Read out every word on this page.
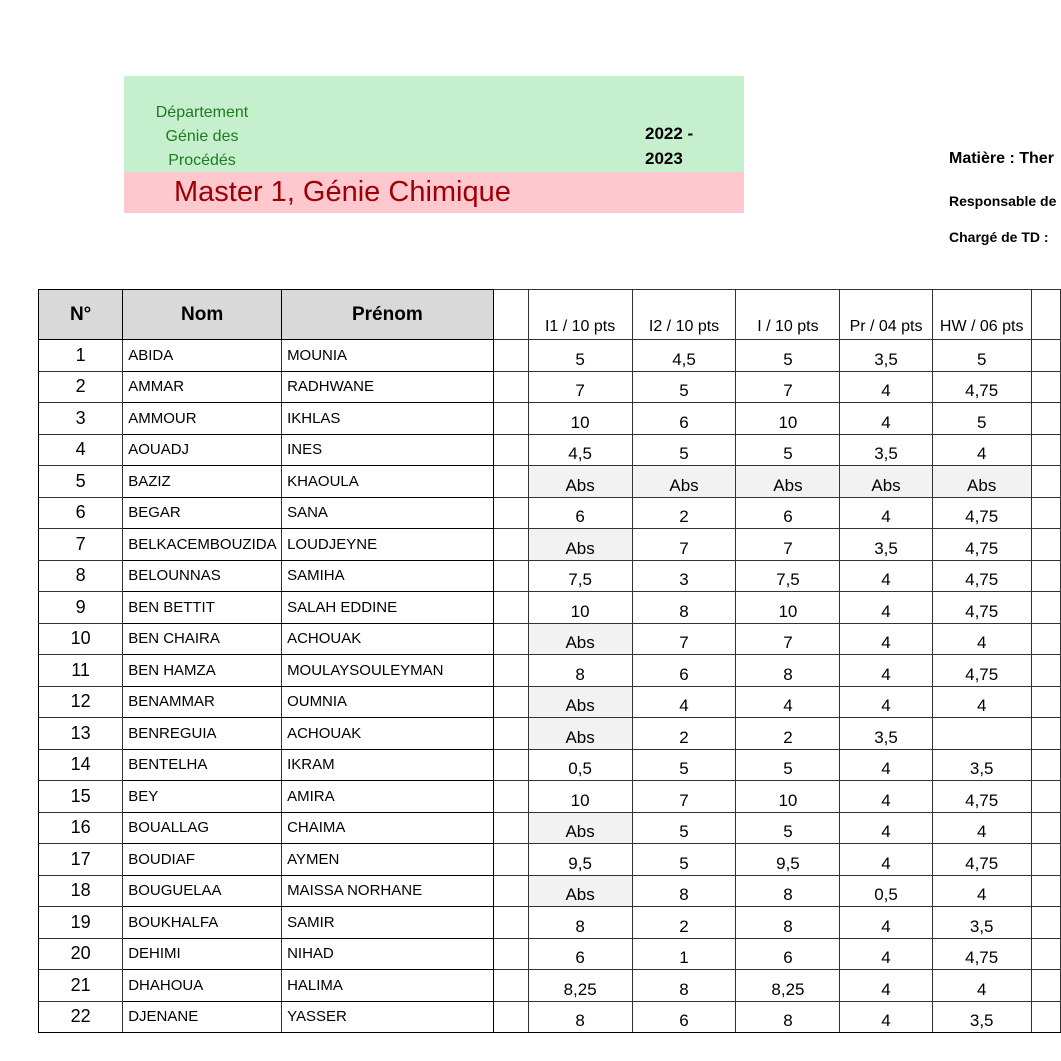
Département
Génie des
Procédés
2022 -
2023
Master 1, Génie Chimique
Matière : Ther
Responsable de
Chargé de TD :
N°	Nom	Prénom		I1 / 10 pts	I2 / 10 pts	I / 10 pts	Pr / 04 pts	HW / 06 pts	
1	ABIDA	MOUNIA		5	4,5	5	3,5	5	
2	AMMAR	RADHWANE		7	5	7	4	4,75	
3	AMMOUR	IKHLAS		10	6	10	4	5	
4	AOUADJ	INES		4,5	5	5	3,5	4	
5	BAZIZ	KHAOULA		Abs	Abs	Abs	Abs	Abs	
6	BEGAR	SANA		6	2	6	4	4,75	
7	BELKACEMBOUZIDA	LOUDJEYNE		Abs	7	7	3,5	4,75	
8	BELOUNNAS	SAMIHA		7,5	3	7,5	4	4,75	
9	BEN BETTIT	SALAH EDDINE		10	8	10	4	4,75	
10	BEN CHAIRA	ACHOUAK		Abs	7	7	4	4	
11	BEN HAMZA	MOULAYSOULEYMAN		8	6	8	4	4,75	
12	BENAMMAR	OUMNIA		Abs	4	4	4	4	
13	BENREGUIA	ACHOUAK		Abs	2	2	3,5		
14	BENTELHA	IKRAM		0,5	5	5	4	3,5	
15	BEY	AMIRA		10	7	10	4	4,75	
16	BOUALLAG	CHAIMA		Abs	5	5	4	4	
17	BOUDIAF	AYMEN		9,5	5	9,5	4	4,75	
18	BOUGUELAA	MAISSA NORHANE		Abs	8	8	0,5	4	
19	BOUKHALFA	SAMIR		8	2	8	4	3,5	
20	DEHIMI	NIHAD		6	1	6	4	4,75	
21	DHAHOUA	HALIMA		8,25	8	8,25	4	4	
22	DJENANE	YASSER		8	6	8	4	3,5	
